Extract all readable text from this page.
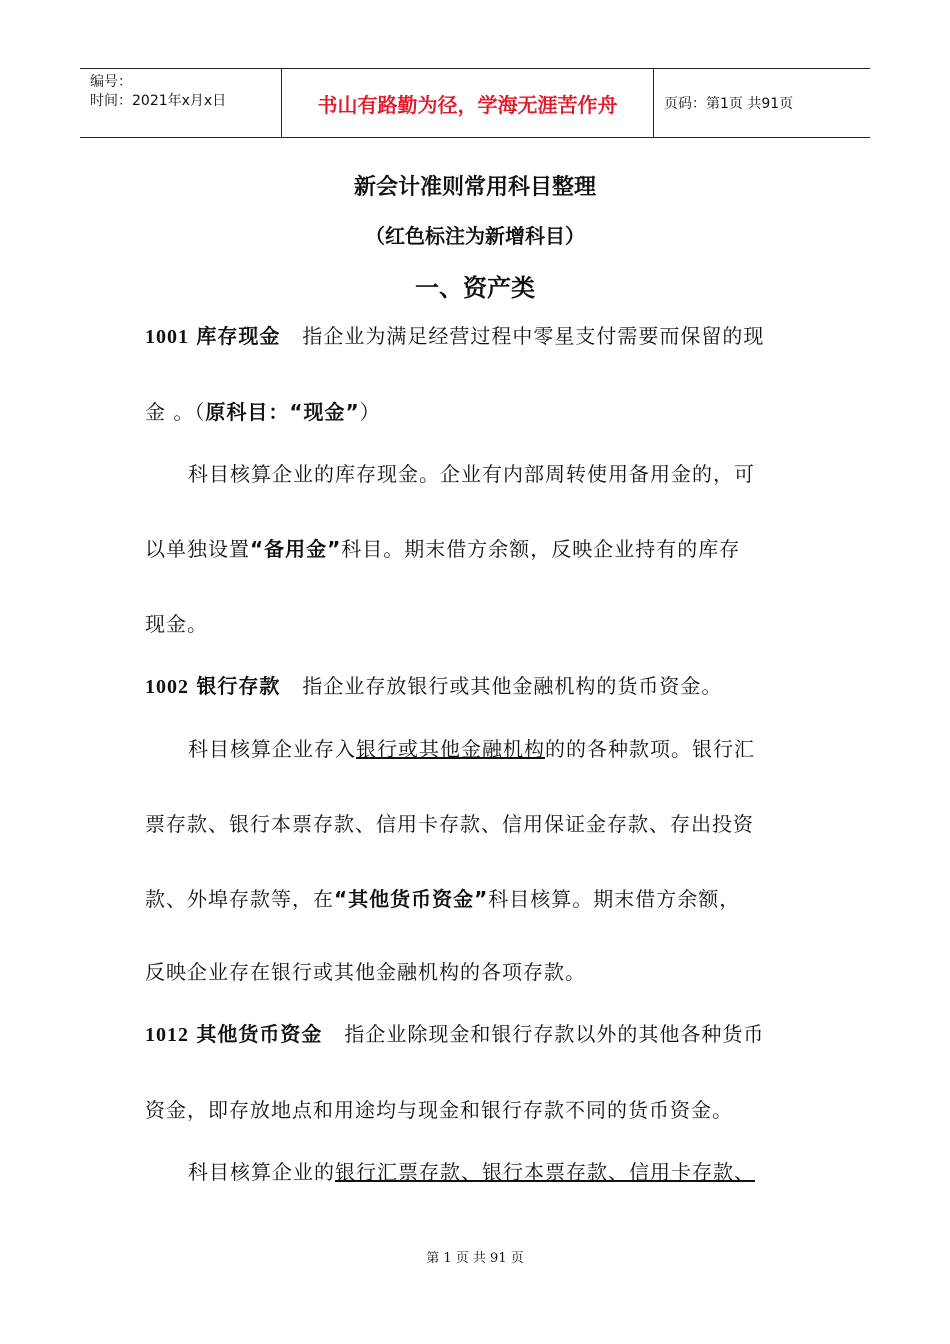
编号：
时间：2021年x月x日	书山有路勤为径，学海无涯苦作舟	页码：第1页 共91页
新会计准则常用科目整理
（红色标注为新增科目）
一、资产类
1001 库存现金 指企业为满足经营过程中零星支付需要而保留的现
金 。（原科目：“现金”）
科目核算企业的库存现金。企业有内部周转使用备用金的，可
以单独设置“备用金”科目。期末借方余额，反映企业持有的库存
现金。
1002 银行存款 指企业存放银行或其他金融机构的货币资金。
科目核算企业存入银行或其他金融机构的的各种款项。银行汇
票存款、银行本票存款、信用卡存款、信用保证金存款、存出投资
款、外埠存款等，在“其他货币资金”科目核算。期末借方余额，
反映企业存在银行或其他金融机构的各项存款。
1012 其他货币资金 指企业除现金和银行存款以外的其他各种货币
资金，即存放地点和用途均与现金和银行存款不同的货币资金。
科目核算企业的银行汇票存款、银行本票存款、信用卡存款、
第 1 页 共 91 页
